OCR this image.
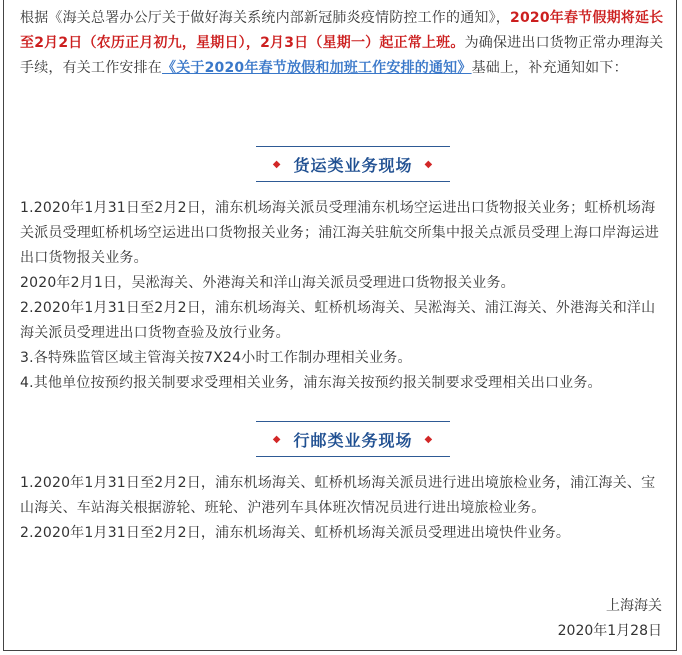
根据《海关总署办公厅关于做好海关系统内部新冠肺炎疫情防控工作的通知》，2020年春节假期将延长至2月2日（农历正月初九，星期日），2月3日（星期一）起正常上班。为确保进出口货物正常办理海关手续，有关工作安排在《关于2020年春节放假和加班工作安排的通知》基础上，补充通知如下：

◆ 货运类业务现场 ◆

1.2020年1月31日至2月2日，浦东机场海关派员受理浦东机场空运进出口货物报关业务；虹桥机场海关派员受理虹桥机场空运进出口货物报关业务；浦江海关驻航交所集中报关点派员受理上海口岸海运进出口货物报关业务。

2020年2月1日，吴淞海关、外港海关和洋山海关派员受理进口货物报关业务。

2.2020年1月31日至2月2日，浦东机场海关、虹桥机场海关、吴淞海关、浦江海关、外港海关和洋山海关派员受理进出口货物查验及放行业务。

3.各特殊监管区域主管海关按7X24小时工作制办理相关业务。

4.其他单位按预约报关制要求受理相关业务，浦东海关按预约报关制要求受理相关出口业务。

◆ 行邮类业务现场 ◆

1.2020年1月31日至2月2日，浦东机场海关、虹桥机场海关派员进行进出境旅检业务，浦江海关、宝山海关、车站海关根据游轮、班轮、沪港列车具体班次情况员进行进出境旅检业务。

2.2020年1月31日至2月2日，浦东机场海关、虹桥机场海关派员受理进出境快件业务。

上海海关
2020年1月28日
